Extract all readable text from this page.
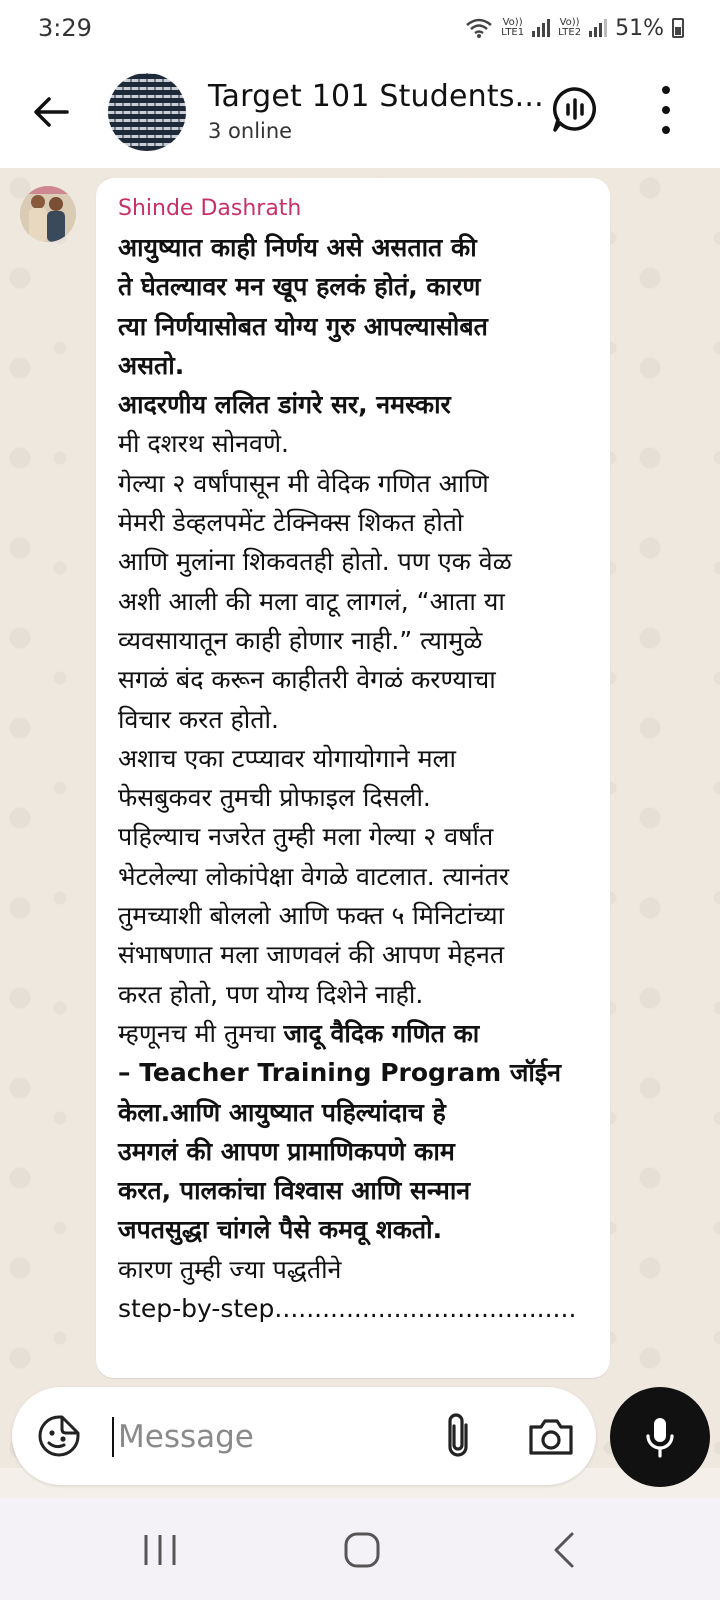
3:29	Vo))
LTE1
Vo))
LTE2 51%
Target 101 Students...
3 online
Shinde Dashrath
आयुष्यात काही निर्णय असे असतात की
ते घेतल्यावर मन खूप हलकं होतं, कारण
त्या निर्णयासोबत योग्य गुरु आपल्यासोबत
असतो.
आदरणीय ललित डांगरे सर, नमस्कार
मी दशरथ सोनवणे.
गेल्या २ वर्षांपासून मी वेदिक गणित आणि
मेमरी डेव्हलपमेंट टेक्निक्स शिकत होतो
आणि मुलांना शिकवतही होतो. पण एक वेळ
अशी आली की मला वाटू लागलं, “आता या
व्यवसायातून काही होणार नाही.” त्यामुळे
सगळं बंद करून काहीतरी वेगळं करण्याचा
विचार करत होतो.
अशाच एका टप्प्यावर योगायोगाने मला
फेसबुकवर तुमची प्रोफाइल दिसली.
पहिल्याच नजरेत तुम्ही मला गेल्या २ वर्षांत
भेटलेल्या लोकांपेक्षा वेगळे वाटलात. त्यानंतर
तुमच्याशी बोललो आणि फक्त ५ मिनिटांच्या
संभाषणात मला जाणवलं की आपण मेहनत
करत होतो, पण योग्य दिशेने नाही.
म्हणूनच मी तुमचा जादू वैदिक गणित का
– Teacher Training Program जॉईन
केला.आणि आयुष्यात पहिल्यांदाच हे
उमगलं की आपण प्रामाणिकपणे काम
करत, पालकांचा विश्वास आणि सन्मान
जपतसुद्धा चांगले पैसे कमवू शकतो.
कारण तुम्ही ज्या पद्धतीने
step-by-step......................................
Message
